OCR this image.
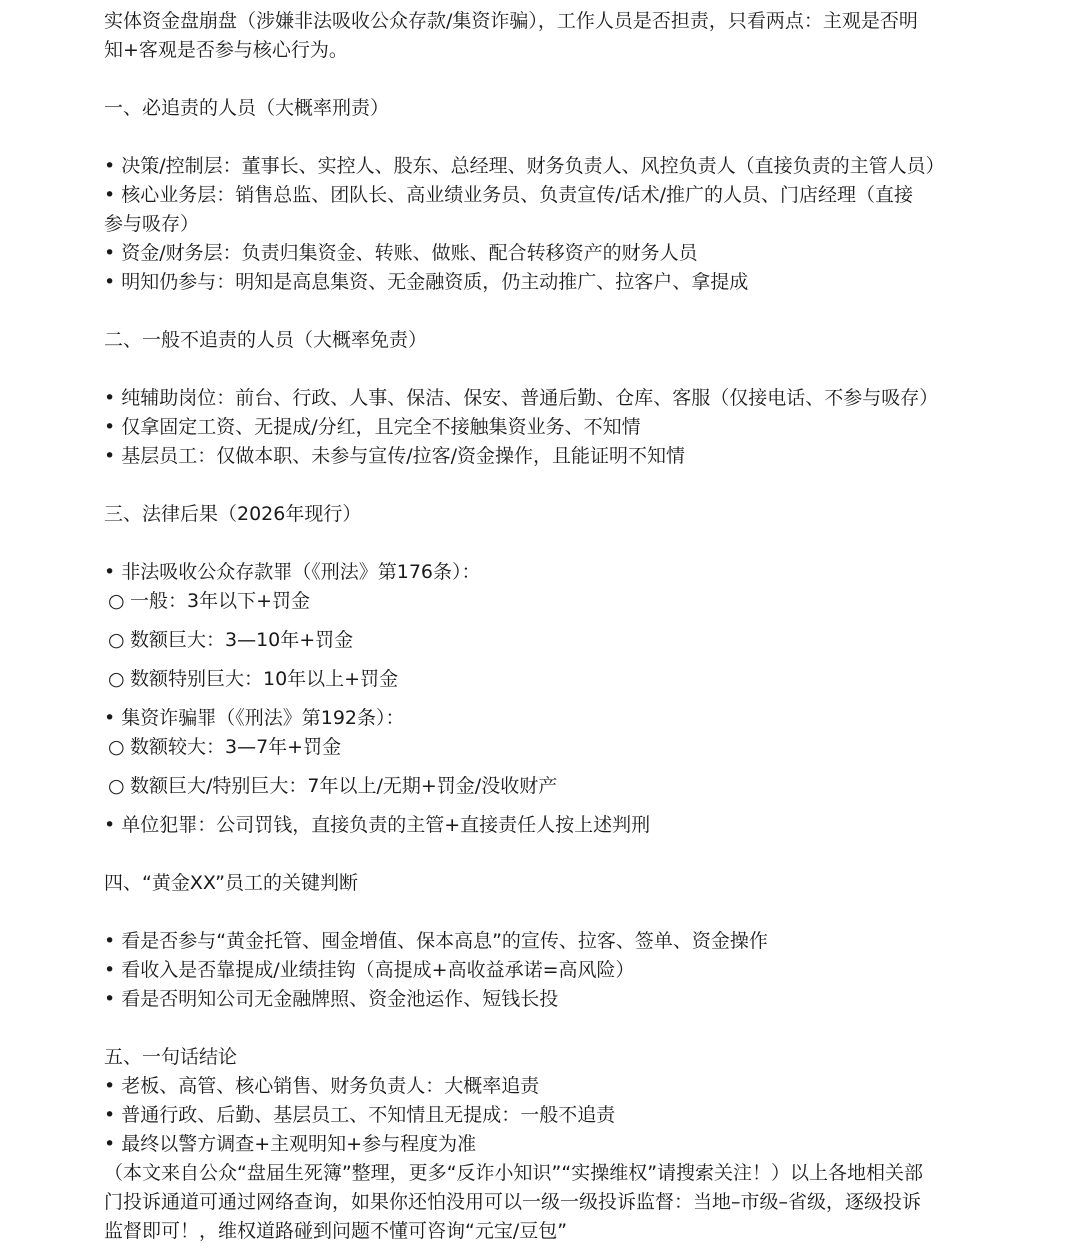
实体资金盘崩盘（涉嫌非法吸收公众存款/集资诈骗），工作人员是否担责，只看两点：主观是否明
知+客观是否参与核心行为。
一、必追责的人员（大概率刑责）
• 决策/控制层：董事长、实控人、股东、总经理、财务负责人、风控负责人（直接负责的主管人员）
• 核心业务层：销售总监、团队长、高业绩业务员、负责宣传/话术/推广的人员、门店经理（直接
参与吸存）
• 资金/财务层：负责归集资金、转账、做账、配合转移资产的财务人员
• 明知仍参与：明知是高息集资、无金融资质，仍主动推广、拉客户、拿提成
二、一般不追责的人员（大概率免责）
• 纯辅助岗位：前台、行政、人事、保洁、保安、普通后勤、仓库、客服（仅接电话、不参与吸存）
• 仅拿固定工资、无提成/分红，且完全不接触集资业务、不知情
• 基层员工：仅做本职、未参与宣传/拉客/资金操作，且能证明不知情
三、法律后果（2026年现行）
• 非法吸收公众存款罪（《刑法》第176条）：
○ 一般：3年以下+罚金
○ 数额巨大：3—10年+罚金
○ 数额特别巨大：10年以上+罚金
• 集资诈骗罪（《刑法》第192条）：
○ 数额较大：3—7年+罚金
○ 数额巨大/特别巨大：7年以上/无期+罚金/没收财产
• 单位犯罪：公司罚钱，直接负责的主管+直接责任人按上述判刑
四、“黄金XX”员工的关键判断
• 看是否参与“黄金托管、囤金增值、保本高息”的宣传、拉客、签单、资金操作
• 看收入是否靠提成/业绩挂钩（高提成+高收益承诺=高风险）
• 看是否明知公司无金融牌照、资金池运作、短钱长投
五、一句话结论
• 老板、高管、核心销售、财务负责人：大概率追责
• 普通行政、后勤、基层员工、不知情且无提成：一般不追责
• 最终以警方调查+主观明知+参与程度为准
（本文来自公众“盘届生死簿”整理，更多“反诈小知识”“实操维权”请搜索关注！）以上各地相关部
门投诉通道可通过网络查询，如果你还怕没用可以一级一级投诉监督：当地–市级–省级，逐级投诉
监督即可！，维权道路碰到问题不懂可咨询“元宝/豆包”
